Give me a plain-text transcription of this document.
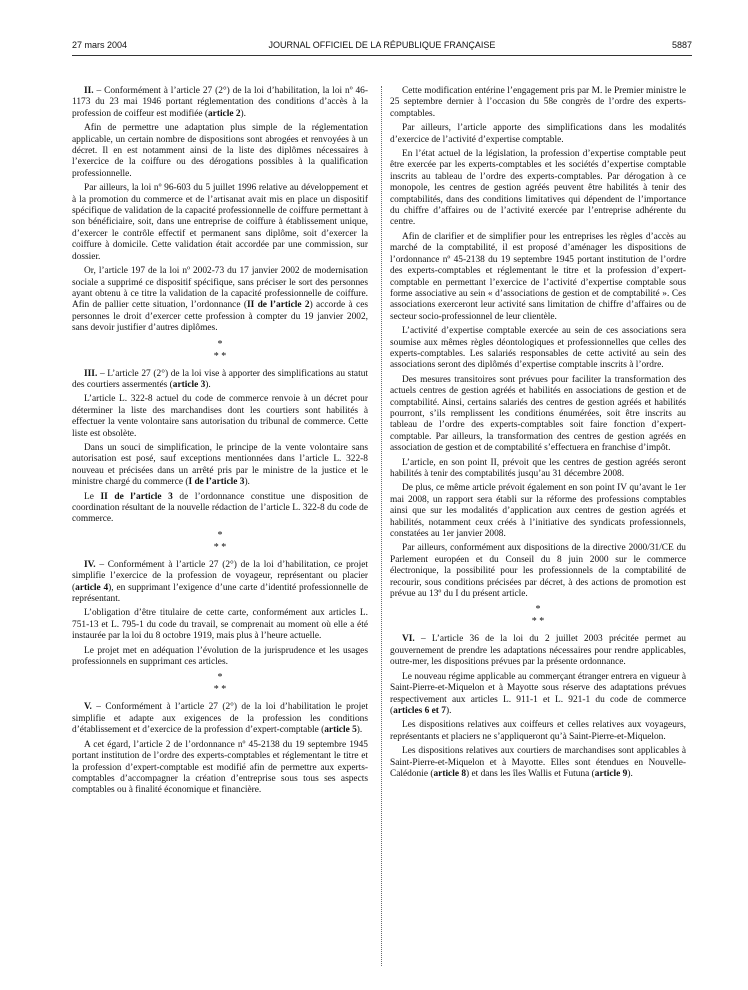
27 mars 2004	JOURNAL OFFICIEL DE LA RÉPUBLIQUE FRANÇAISE	5887

II. – Conformément à l’article 27 (2°) de la loi d’habilitation, la loi nº 46-1173 du 23 mai 1946 portant réglementation des conditions d’accès à la profession de coiffeur est modifiée (article 2).

Afin de permettre une adaptation plus simple de la réglementation applicable, un certain nombre de dispositions sont abrogées et renvoyées à un décret. Il en est notamment ainsi de la liste des diplômes nécessaires à l’exercice de la coiffure ou des dérogations possibles à la qualification professionnelle.

Par ailleurs, la loi nº 96-603 du 5 juillet 1996 relative au développement et à la promotion du commerce et de l’artisanat avait mis en place un dispositif spécifique de validation de la capacité professionnelle de coiffure permettant à son bénéficiaire, soit, dans une entreprise de coiffure à établissement unique, d’exercer le contrôle effectif et permanent sans diplôme, soit d’exercer la coiffure à domicile. Cette validation était accordée par une commission, sur dossier.

Or, l’article 197 de la loi nº 2002-73 du 17 janvier 2002 de modernisation sociale a supprimé ce dispositif spécifique, sans préciser le sort des personnes ayant obtenu à ce titre la validation de la capacité professionnelle de coiffure. Afin de pallier cette situation, l’ordonnance (II de l’article 2) accorde à ces personnes le droit d’exercer cette profession à compter du 19 janvier 2002, sans devoir justifier d’autres diplômes.

*
* *

III. – L’article 27 (2°) de la loi vise à apporter des simplifications au statut des courtiers assermentés (article 3).

L’article L. 322-8 actuel du code de commerce renvoie à un décret pour déterminer la liste des marchandises dont les courtiers sont habilités à effectuer la vente volontaire sans autorisation du tribunal de commerce. Cette liste est obsolète.

Dans un souci de simplification, le principe de la vente volontaire sans autorisation est posé, sauf exceptions mentionnées dans l’article L. 322-8 nouveau et précisées dans un arrêté pris par le ministre de la justice et le ministre chargé du commerce (I de l’article 3).

Le II de l’article 3 de l’ordonnance constitue une disposition de coordination résultant de la nouvelle rédaction de l’article L. 322-8 du code de commerce.

*
* *

IV. – Conformément à l’article 27 (2°) de la loi d’habilitation, ce projet simplifie l’exercice de la profession de voyageur, représentant ou placier (article 4), en supprimant l’exigence d’une carte d’identité professionnelle de représentant.

L’obligation d’être titulaire de cette carte, conformément aux articles L. 751-13 et L. 795-1 du code du travail, se comprenait au moment où elle a été instaurée par la loi du 8 octobre 1919, mais plus à l’heure actuelle.

Le projet met en adéquation l’évolution de la jurisprudence et les usages professionnels en supprimant ces articles.

*
* *

V. – Conformément à l’article 27 (2°) de la loi d’habilitation le projet simplifie et adapte aux exigences de la profession les conditions d’établissement et d’exercice de la profession d’expert-comptable (article 5).

A cet égard, l’article 2 de l’ordonnance nº 45-2138 du 19 septembre 1945 portant institution de l’ordre des experts-comptables et réglementant le titre et la profession d’expert-comptable est modifié afin de permettre aux experts-comptables d’accompagner la création d’entreprise sous tous ses aspects comptables ou à finalité économique et financière.

Cette modification entérine l’engagement pris par M. le Premier ministre le 25 septembre dernier à l’occasion du 58e congrès de l’ordre des experts-comptables.

Par ailleurs, l’article apporte des simplifications dans les modalités d’exercice de l’activité d’expertise comptable.

En l’état actuel de la législation, la profession d’expertise comptable peut être exercée par les experts-comptables et les sociétés d’expertise comptable inscrits au tableau de l’ordre des experts-comptables. Par dérogation à ce monopole, les centres de gestion agréés peuvent être habilités à tenir des comptabilités, dans des conditions limitatives qui dépendent de l’importance du chiffre d’affaires ou de l’activité exercée par l’entreprise adhérente du centre.

Afin de clarifier et de simplifier pour les entreprises les règles d’accès au marché de la comptabilité, il est proposé d’aménager les dispositions de l’ordonnance nº 45-2138 du 19 septembre 1945 portant institution de l’ordre des experts-comptables et réglementant le titre et la profession d’expert-comptable en permettant l’exercice de l’activité d’expertise comptable sous forme associative au sein « d’associations de gestion et de comptabilité ». Ces associations exerceront leur activité sans limitation de chiffre d’affaires ou de secteur socio-professionnel de leur clientèle.

L’activité d’expertise comptable exercée au sein de ces associations sera soumise aux mêmes règles déontologiques et professionnelles que celles des experts-comptables. Les salariés responsables de cette activité au sein des associations seront des diplômés d’expertise comptable inscrits à l’ordre.

Des mesures transitoires sont prévues pour faciliter la transformation des actuels centres de gestion agréés et habilités en associations de gestion et de comptabilité. Ainsi, certains salariés des centres de gestion agréés et habilités pourront, s’ils remplissent les conditions énumérées, soit être inscrits au tableau de l’ordre des experts-comptables soit faire fonction d’expert-comptable. Par ailleurs, la transformation des centres de gestion agréés en association de gestion et de comptabilité s’effectuera en franchise d’impôt.

L’article, en son point II, prévoit que les centres de gestion agréés seront habilités à tenir des comptabilités jusqu’au 31 décembre 2008.

De plus, ce même article prévoit également en son point IV qu’avant le 1er mai 2008, un rapport sera établi sur la réforme des professions comptables ainsi que sur les modalités d’application aux centres de gestion agréés et habilités, notamment ceux créés à l’initiative des syndicats professionnels, constatées au 1er janvier 2008.

Par ailleurs, conformément aux dispositions de la directive 2000/31/CE du Parlement européen et du Conseil du 8 juin 2000 sur le commerce électronique, la possibilité pour les professionnels de la comptabilité de recourir, sous conditions précisées par décret, à des actions de promotion est prévue au 13º du I du présent article.

*
* *

VI. – L’article 36 de la loi du 2 juillet 2003 précitée permet au gouvernement de prendre les adaptations nécessaires pour rendre applicables, outre-mer, les dispositions prévues par la présente ordonnance.

Le nouveau régime applicable au commerçant étranger entrera en vigueur à Saint-Pierre-et-Miquelon et à Mayotte sous réserve des adaptations prévues respectivement aux articles L. 911-1 et L. 921-1 du code de commerce (articles 6 et 7).

Les dispositions relatives aux coiffeurs et celles relatives aux voyageurs, représentants et placiers ne s’appliqueront qu’à Saint-Pierre-et-Miquelon.

Les dispositions relatives aux courtiers de marchandises sont applicables à Saint-Pierre-et-Miquelon et à Mayotte. Elles sont étendues en Nouvelle-Calédonie (article 8) et dans les îles Wallis et Futuna (article 9).
